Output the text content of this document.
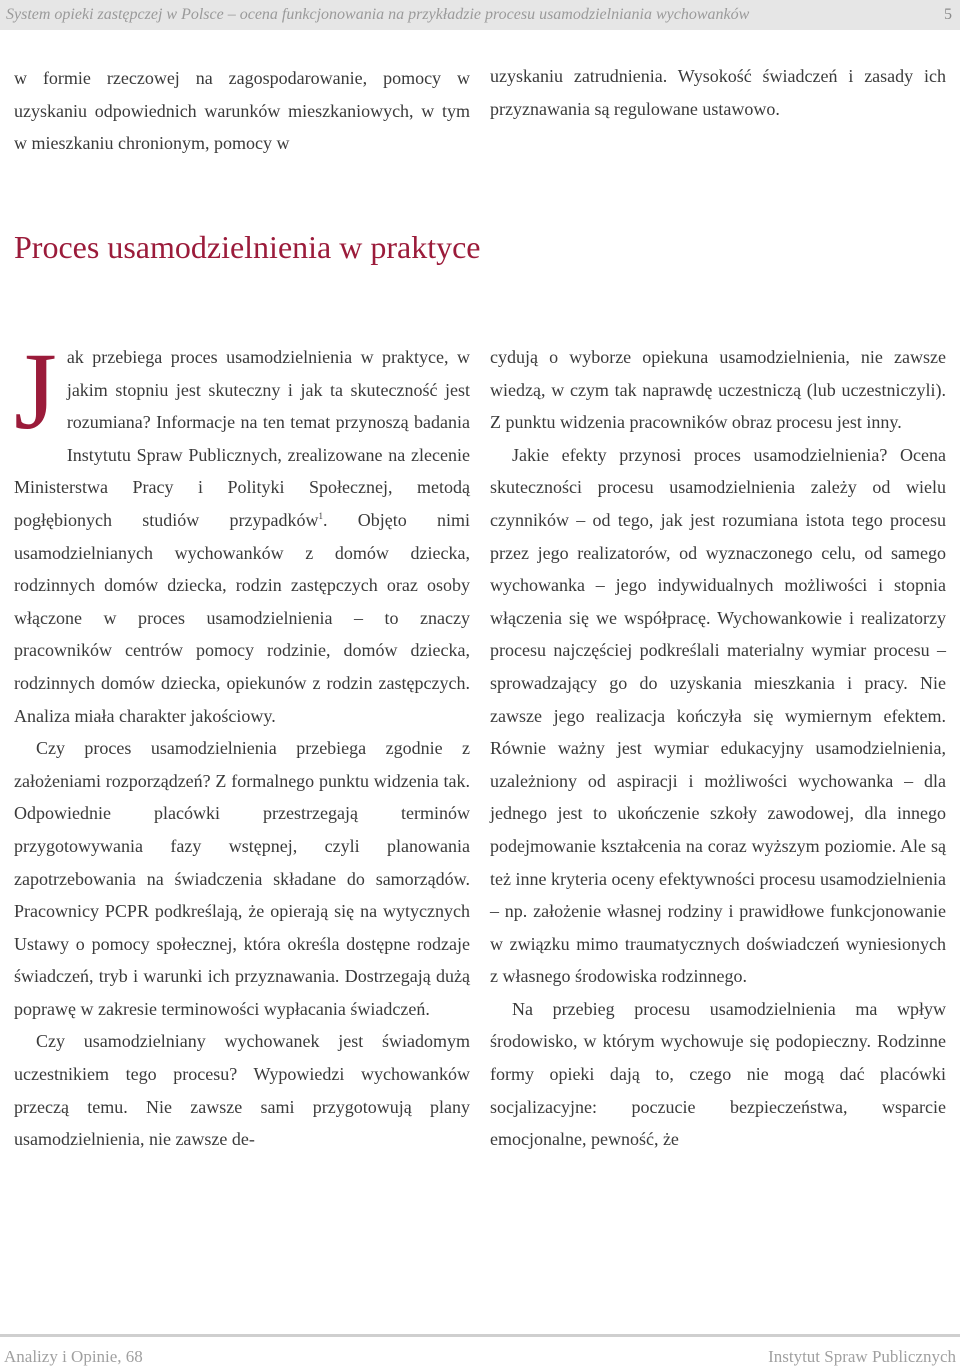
System opieki zastępczej w Polsce – ocena funkcjonowania na przykładzie procesu usamodzielniania wychowanków	5

w formie rzeczowej na zagospodarowanie, pomocy w uzyskaniu odpowiednich warunków mieszkaniowych, w tym w mieszkaniu chronionym, pomocy w

uzyskaniu zatrudnienia. Wysokość świadczeń i zasady ich przyznawania są regulowane ustawowo.

Proces usamodzielnienia w praktyce

Jak przebiega proces usamodzielnienia w praktyce, w jakim stopniu jest skuteczny i jak ta skuteczność jest rozumiana? Informacje na ten temat przynoszą badania Instytutu Spraw Publicznych, zrealizowane na zlecenie Ministerstwa Pracy i Polityki Społecznej, metodą pogłębionych studiów przypadków$^1$. Objęto nimi usamodzielnianych wychowanków z domów dziecka, rodzinnych domów dziecka, rodzin zastępczych oraz osoby włączone w proces usamodzielnienia – to znaczy pracowników centrów pomocy rodzinie, domów dziecka, rodzinnych domów dziecka, opiekunów z rodzin zastępczych. Analiza miała charakter jakościowy.

Czy proces usamodzielnienia przebiega zgodnie z założeniami rozporządzeń? Z formalnego punktu widzenia tak. Odpowiednie placówki przestrzegają terminów przygotowywania fazy wstępnej, czyli planowania zapotrzebowania na świadczenia składane do samorządów. Pracownicy PCPR podkreślają, że opierają się na wytycznych Ustawy o pomocy społecznej, która określa dostępne rodzaje świadczeń, tryb i warunki ich przyznawania. Dostrzegają dużą poprawę w zakresie terminowości wypłacania świadczeń.

Czy usamodzielniany wychowanek jest świadomym uczestnikiem tego procesu? Wypowiedzi wychowanków przeczą temu. Nie zawsze sami przygotowują plany usamodzielnienia, nie zawsze de-

cydują o wyborze opiekuna usamodzielnienia, nie zawsze wiedzą, w czym tak naprawdę uczestniczą (lub uczestniczyli). Z punktu widzenia pracowników obraz procesu jest inny.

Jakie efekty przynosi proces usamodzielnienia? Ocena skuteczności procesu usamodzielnienia zależy od wielu czynników – od tego, jak jest rozumiana istota tego procesu przez jego realizatorów, od wyznaczonego celu, od samego wychowanka – jego indywidualnych możliwości i stopnia włączenia się we współpracę. Wychowankowie i realizatorzy procesu najczęściej podkreślali materialny wymiar procesu – sprowadzający go do uzyskania mieszkania i pracy. Nie zawsze jego realizacja kończyła się wymiernym efektem. Równie ważny jest wymiar edukacyjny usamodzielnienia, uzależniony od aspiracji i możliwości wychowanka – dla jednego jest to ukończenie szkoły zawodowej, dla innego podejmowanie kształcenia na coraz wyższym poziomie. Ale są też inne kryteria oceny efektywności procesu usamodzielnienia – np. założenie własnej rodziny i prawidłowe funkcjonowanie w związku mimo traumatycznych doświadczeń wyniesionych z własnego środowiska rodzinnego.

Na przebieg procesu usamodzielnienia ma wpływ środowisko, w którym wychowuje się podopieczny. Rodzinne formy opieki dają to, czego nie mogą dać placówki socjalizacyjne: poczucie bezpieczeństwa, wsparcie emocjonalne, pewność, że

Analizy i Opinie, 68	Instytut Spraw Publicznych
